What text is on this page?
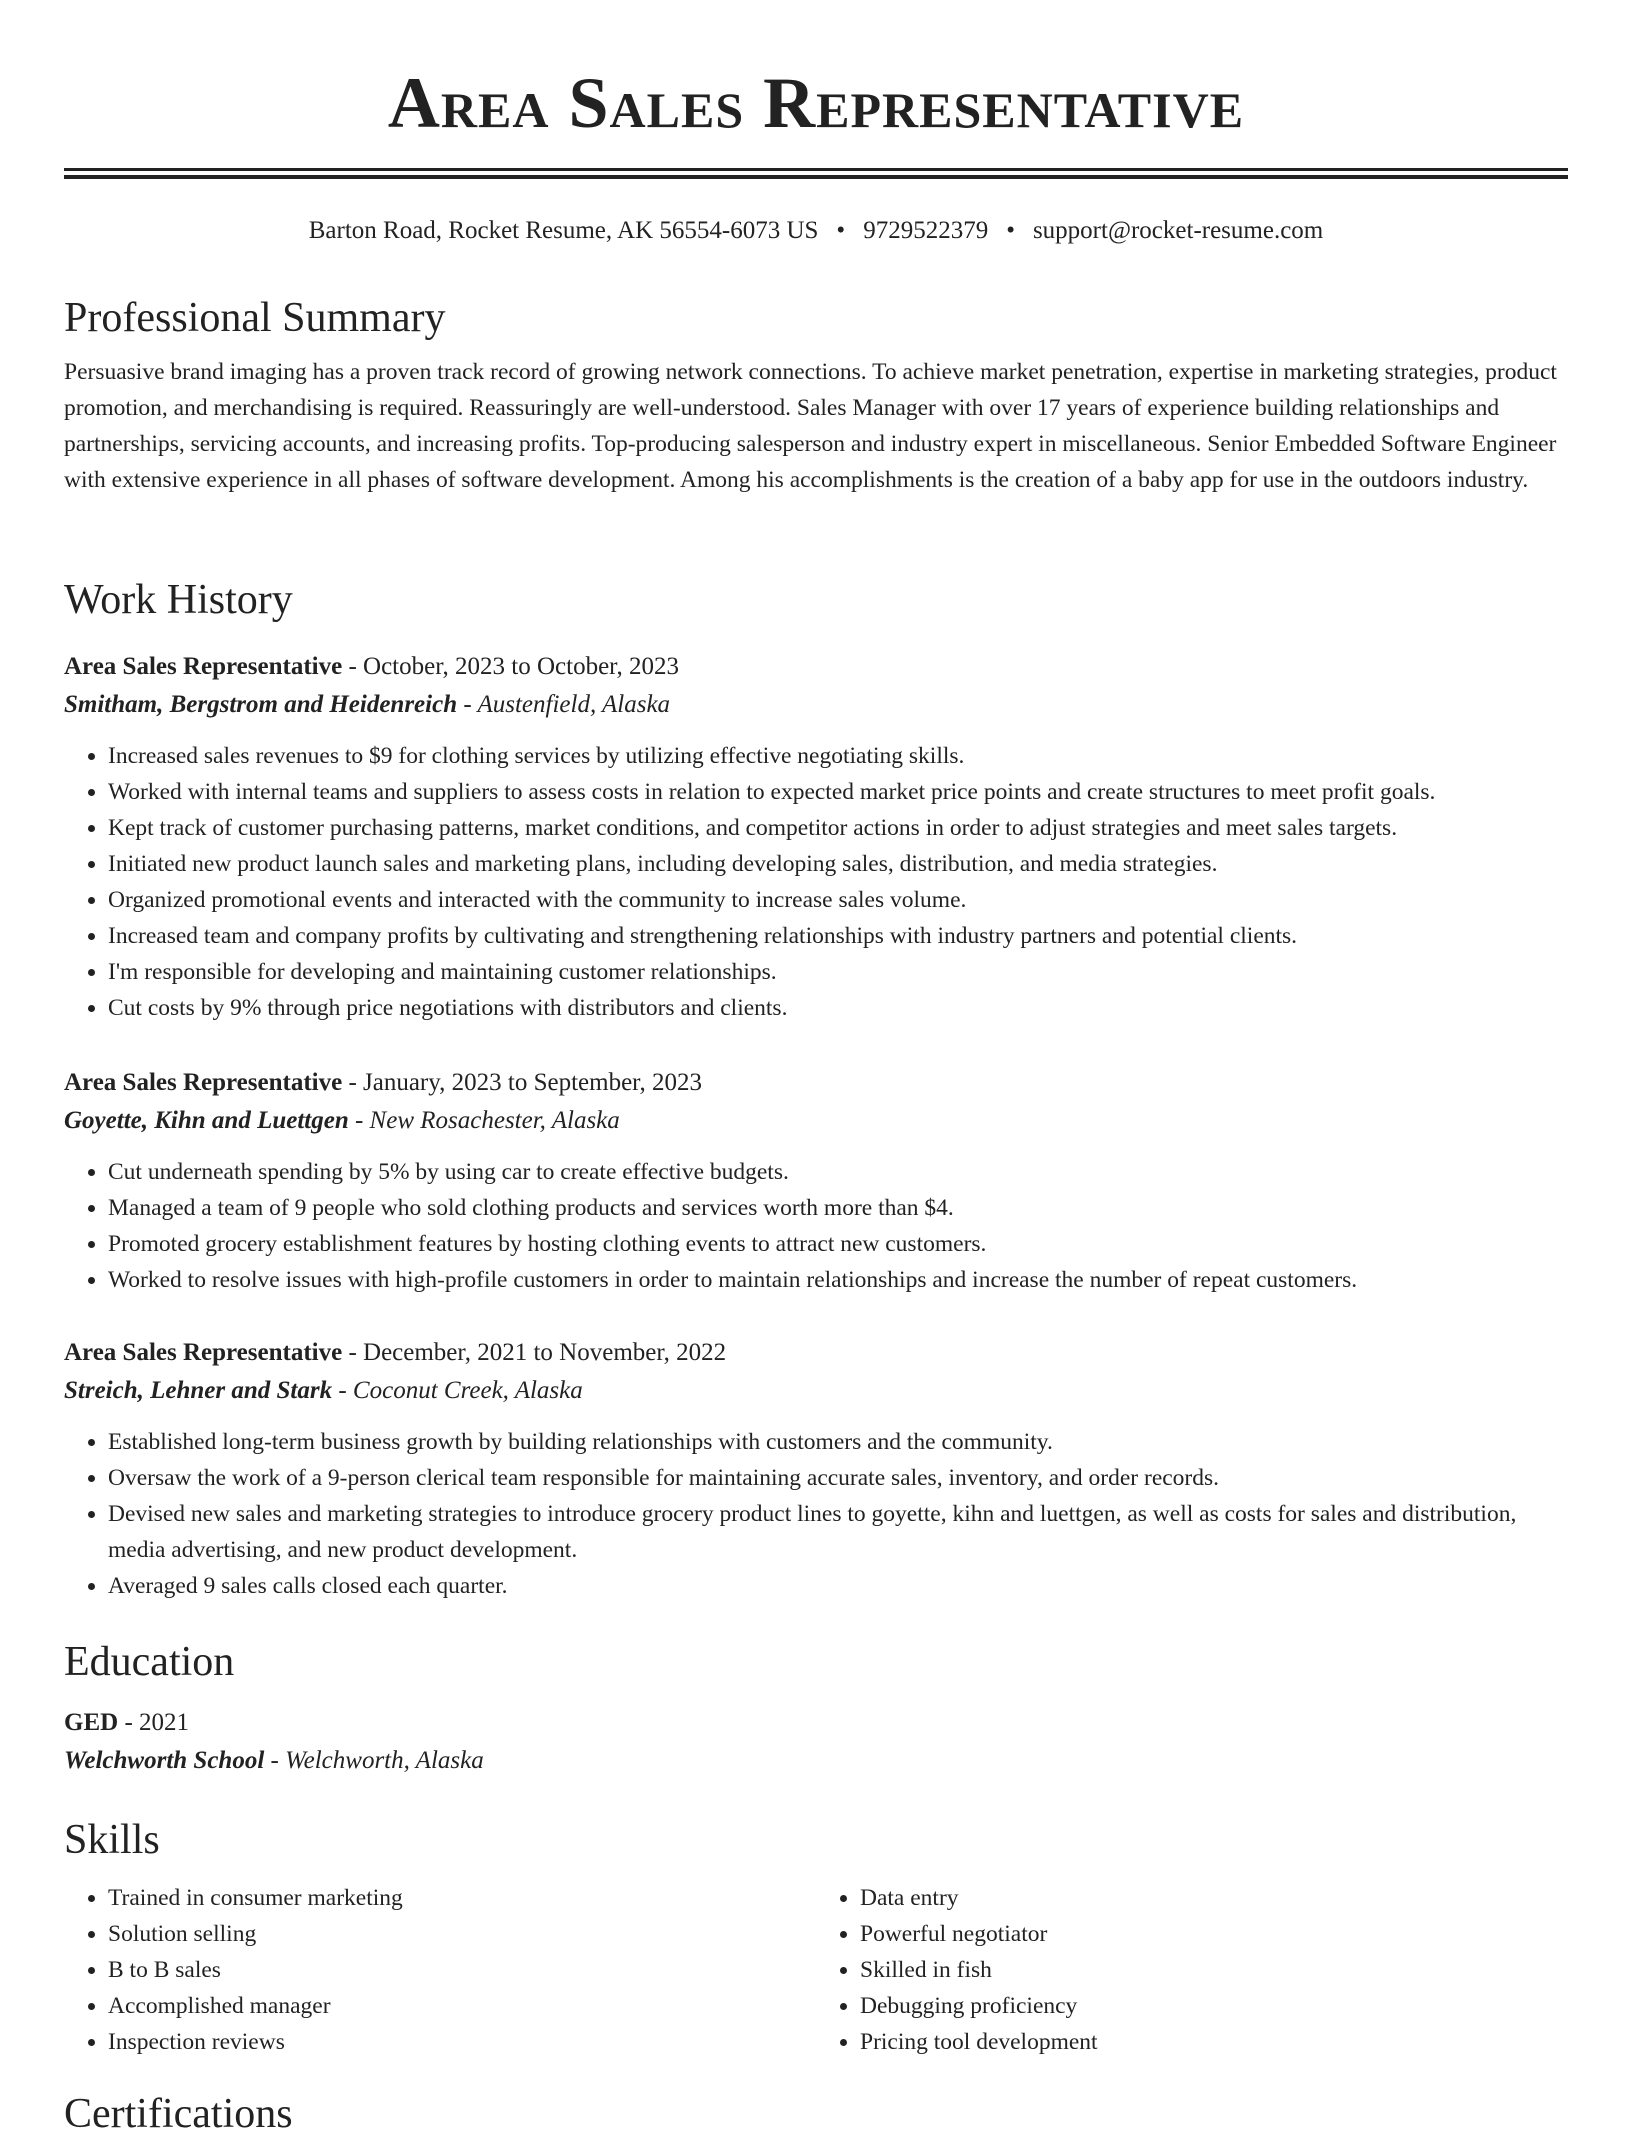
Area Sales Representative
Barton Road, Rocket Resume, AK 56554-6073 US • 9729522379 • support@rocket-resume.com
Professional Summary

Persuasive brand imaging has a proven track record of growing network connections. To achieve market penetration, expertise in marketing strategies, product promotion, and merchandising is required. Reassuringly are well-understood. Sales Manager with over 17 years of experience building relationships and partnerships, servicing accounts, and increasing profits. Top-producing salesperson and industry expert in miscellaneous. Senior Embedded Software Engineer with extensive experience in all phases of software development. Among his accomplishments is the creation of a baby app for use in the outdoors industry.

Work History
Area Sales Representative - October, 2023 to October, 2023
Smitham, Bergstrom and Heidenreich - Austenfield, Alaska
• Increased sales revenues to $9 for clothing services by utilizing effective negotiating skills.
• Worked with internal teams and suppliers to assess costs in relation to expected market price points and create structures to meet profit goals.
• Kept track of customer purchasing patterns, market conditions, and competitor actions in order to adjust strategies and meet sales targets.
• Initiated new product launch sales and marketing plans, including developing sales, distribution, and media strategies.
• Organized promotional events and interacted with the community to increase sales volume.
• Increased team and company profits by cultivating and strengthening relationships with industry partners and potential clients.
• I'm responsible for developing and maintaining customer relationships.
• Cut costs by 9% through price negotiations with distributors and clients.
Area Sales Representative - January, 2023 to September, 2023
Goyette, Kihn and Luettgen - New Rosachester, Alaska
• Cut underneath spending by 5% by using car to create effective budgets.
• Managed a team of 9 people who sold clothing products and services worth more than $4.
• Promoted grocery establishment features by hosting clothing events to attract new customers.
• Worked to resolve issues with high-profile customers in order to maintain relationships and increase the number of repeat customers.
Area Sales Representative - December, 2021 to November, 2022
Streich, Lehner and Stark - Coconut Creek, Alaska
• Established long-term business growth by building relationships with customers and the community.
• Oversaw the work of a 9-person clerical team responsible for maintaining accurate sales, inventory, and order records.
• Devised new sales and marketing strategies to introduce grocery product lines to goyette, kihn and luettgen, as well as costs for sales and distribution, media advertising, and new product development.
• Averaged 9 sales calls closed each quarter.
Education
GED - 2021
Welchworth School - Welchworth, Alaska
Skills
• Trained in consumer marketing
• Solution selling
• B to B sales
• Accomplished manager
• Inspection reviews
• Data entry
• Powerful negotiator
• Skilled in fish
• Debugging proficiency
• Pricing tool development
Certifications
